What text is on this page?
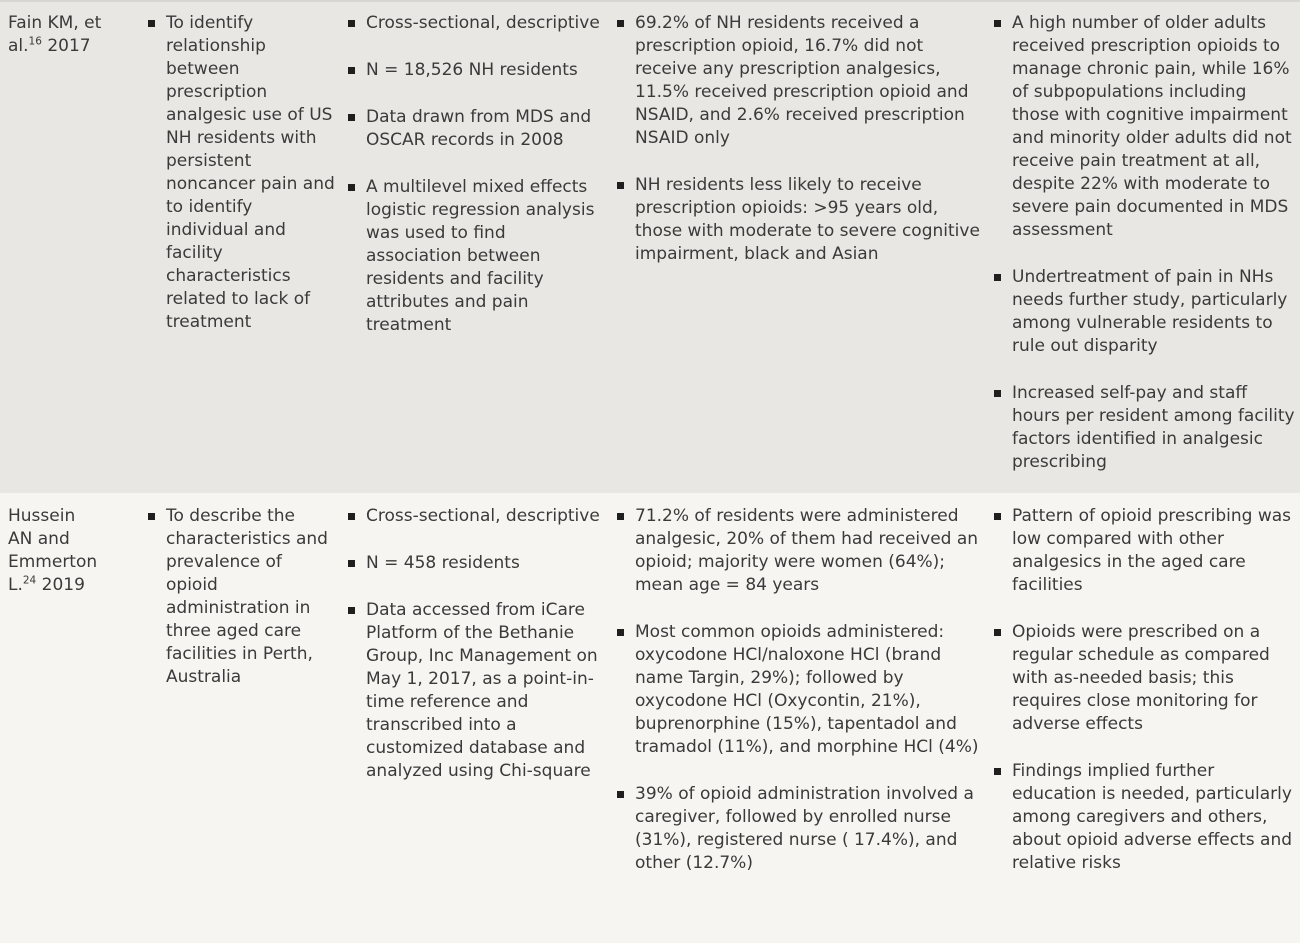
Fain KM, et
al.$^{16}$ 2017
To identify relationship between prescription analgesic use of US NH residents with persistent noncancer pain and to identify individual and facility characteristics related to lack of treatment
Cross-sectional, descriptive
N = 18,526 NH residents
Data drawn from MDS and OSCAR records in 2008
A multilevel mixed effects logistic regression analysis was used to find association between residents and facility attributes and pain treatment
69.2% of NH residents received a prescription opioid, 16.7% did not receive any prescription analgesics, 11.5% received prescription opioid and NSAID, and 2.6% received prescription NSAID only
NH residents less likely to receive prescription opioids: >95 years old, those with moderate to severe cognitive impairment, black and Asian
A high number of older adults received prescription opioids to manage chronic pain, while 16% of subpopulations including those with cognitive impairment and minority older adults did not receive pain treatment at all, despite 22% with moderate to severe pain documented in MDS assessment
Undertreatment of pain in NHs needs further study, particularly among vulnerable residents to rule out disparity
Increased self-pay and staff hours per resident among facility factors identified in analgesic prescribing
Hussein
AN and
Emmerton
L.$^{24}$ 2019
To describe the characteristics and prevalence of opioid administration in three aged care facilities in Perth, Australia
Cross-sectional, descriptive
N = 458 residents
Data accessed from iCare Platform of the Bethanie Group, Inc Management on May 1, 2017, as a point-in-time reference and transcribed into a customized database and analyzed using Chi-square
71.2% of residents were administered analgesic, 20% of them had received an opioid; majority were women (64%); mean age = 84 years
Most common opioids administered: oxycodone HCl/naloxone HCl (brand name Targin, 29%); followed by oxycodone HCl (Oxycontin, 21%), buprenorphine (15%), tapentadol and tramadol (11%), and morphine HCl (4%)
39% of opioid administration involved a caregiver, followed by enrolled nurse (31%), registered nurse ( 17.4%), and other (12.7%)
Pattern of opioid prescribing was low compared with other analgesics in the aged care facilities
Opioids were prescribed on a regular schedule as compared with as-needed basis; this requires close monitoring for adverse effects
Findings implied further education is needed, particularly among caregivers and others, about opioid adverse effects and relative risks
